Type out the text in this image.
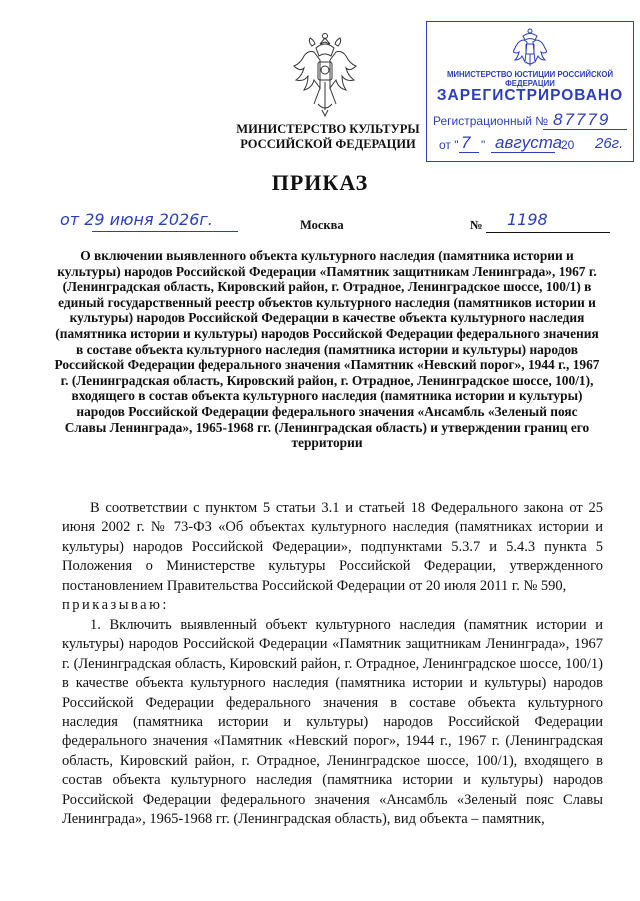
МИНИСТЕРСТВО КУЛЬТУРЫ
РОССИЙСКОЙ ФЕДЕРАЦИИ
МИНИСТЕРСТВО ЮСТИЦИИ РОССИЙСКОЙ ФЕДЕРАЦИИ
ЗАРЕГИСТРИРОВАНО
Регистрационный № 87779
от " 7 " августа
20 26г.
ПРИКАЗ
от 29 июня 2026г.	Москва	№ 1198
О включении выявленного объекта культурного наследия (памятника истории и культуры) народов Российской Федерации «Памятник защитникам Ленинграда», 1967 г. (Ленинградская область, Кировский район, г. Отрадное, Ленинградское шоссе, 100/1) в единый государственный реестр объектов культурного наследия (памятников истории и культуры) народов Российской Федерации в качестве объекта культурного наследия (памятника истории и культуры) народов Российской Федерации федерального значения в составе объекта культурного наследия (памятника истории и культуры) народов Российской Федерации федерального значения «Памятник «Невский порог», 1944 г., 1967 г. (Ленинградская область, Кировский район, г. Отрадное, Ленинградское шоссе, 100/1), входящего в состав объекта культурного наследия (памятника истории и культуры) народов Российской Федерации федерального значения «Ансамбль «Зеленый пояс Славы Ленинграда», 1965-1968 гг. (Ленинградская область) и утверждении границ его территории

В соответствии с пунктом 5 статьи 3.1 и статьей 18 Федерального закона от 25 июня 2002 г. № 73-ФЗ «Об объектах культурного наследия (памятниках истории и культуры) народов Российской Федерации», подпунктами 5.3.7 и 5.4.3 пункта 5 Положения о Министерстве культуры Российской Федерации, утвержденного постановлением Правительства Российской Федерации от 20 июля 2011 г. № 590,

приказываю:

1. Включить выявленный объект культурного наследия (памятник истории и культуры) народов Российской Федерации «Памятник защитникам Ленинграда», 1967 г. (Ленинградская область, Кировский район, г. Отрадное, Ленинградское шоссе, 100/1) в качестве объекта культурного наследия (памятника истории и культуры) народов Российской Федерации федерального значения в составе объекта культурного наследия (памятника истории и культуры) народов Российской Федерации федерального значения «Памятник «Невский порог», 1944 г., 1967 г. (Ленинградская область, Кировский район, г. Отрадное, Ленинградское шоссе, 100/1), входящего в состав объекта культурного наследия (памятника истории и культуры) народов Российской Федерации федерального значения «Ансамбль «Зеленый пояс Славы Ленинграда», 1965-1968 гг. (Ленинградская область), вид объекта – памятник,
